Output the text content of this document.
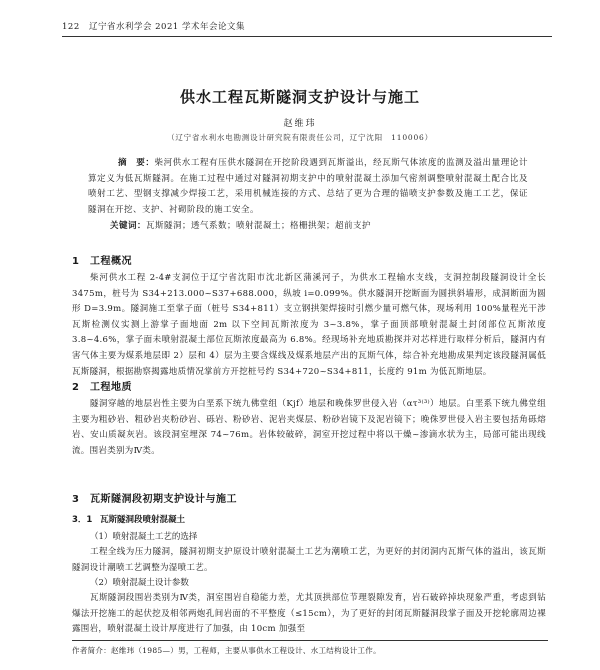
122 辽宁省水利学会 2021 学术年会论文集
供水工程瓦斯隧洞支护设计与施工
赵维玮
（辽宁省水利水电勘测设计研究院有限责任公司，辽宁沈阳　110006）
摘　要：柴河供水工程有压供水隧洞在开挖阶段遇到瓦斯溢出，经瓦斯气体浓度的监测及溢出量理论计算定义为低瓦斯隧洞。在施工过程中通过对隧洞初期支护中的喷射混凝土添加气密剂调整喷射混凝土配合比及喷射工艺、型钢支撑减少焊接工艺，采用机械连接的方式、总结了更为合理的锚喷支护参数及施工工艺，保证隧洞在开挖、支护、衬砌阶段的施工安全。
关键词：瓦斯隧洞；透气系数；喷射混凝土；格栅拱架；超前支护
1 工程概况
柴河供水工程 2-4#支洞位于辽宁省沈阳市沈北新区蒲溪河子，为供水工程输水支线，支洞控制段隧洞设计全长 3475m，桩号为 S34+213.000~S37+688.000，纵坡 i=0.099%。供水隧洞开挖断面为圆拱斜墙形，成洞断面为圆形 D=3.9m。隧洞施工至掌子面（桩号 S34+811）支立钢拱架焊接时引燃少量可燃气体，现场利用 100%量程光干涉瓦斯检测仪实测上游掌子面地面 2m 以下空间瓦斯浓度为 3~3.8%，掌子面顶部喷射混凝土封闭部位瓦斯浓度 3.8~4.6%，掌子面未喷射混凝土部位瓦斯浓度最高为 6.8%。经现场补充地质勘探并对芯样进行取样分析后，隧洞内有害气体主要为煤系地层即 2）层和 4）层为主要含煤线及煤系地层产出的瓦斯气体，综合补充地勘成果判定该段隧洞属低瓦斯隧洞，根据勘察揭露地质情况掌前方开挖桩号约 S34+720~S34+811，长度约 91m 为低瓦斯地层。
2 工程地质
隧洞穿越的地层岩性主要为白垩系下统九佛堂组（Kjf）地层和晚侏罗世侵入岩（ατ³⁽³⁾）地层。白垩系下统九佛堂组主要为粗砂岩、粗砂岩夹粉砂岩、砾岩、粉砂岩、泥岩夹煤层、粉砂岩镜下及泥岩镜下；晚侏罗世侵入岩主要包括角砾熔岩、安山质凝灰岩。该段洞室埋深 74~76m。岩体较破碎，洞室开挖过程中将以干燥~渗滴水状为主，局部可能出现线流。围岩类别为Ⅳ类。
3 瓦斯隧洞段初期支护设计与施工
3．1 瓦斯隧洞段喷射混凝土
（1）喷射混凝土工艺的选择
工程全线为压力隧洞，隧洞初期支护原设计喷射混凝土工艺为潮喷工艺，为更好的封闭洞内瓦斯气体的溢出，该瓦斯隧洞设计潮喷工艺调整为湿喷工艺。
（2）喷射混凝土设计参数
瓦斯隧洞段围岩类别为Ⅳ类，洞室围岩自稳能力差，尤其顶拱部位节理裂隙发育，岩石破碎掉块现象严重，考虑到钻爆法开挖施工的起伏挖及相邻两炮孔间岩面的不平整度（≤15cm），为了更好的封闭瓦斯隧洞段掌子面及开挖轮廓周边裸露围岩，喷射混凝土设计厚度进行了加强，由 10cm 加强至
作者简介：赵维玮（1985—）男，工程师，主要从事供水工程设计、水工结构设计工作。
